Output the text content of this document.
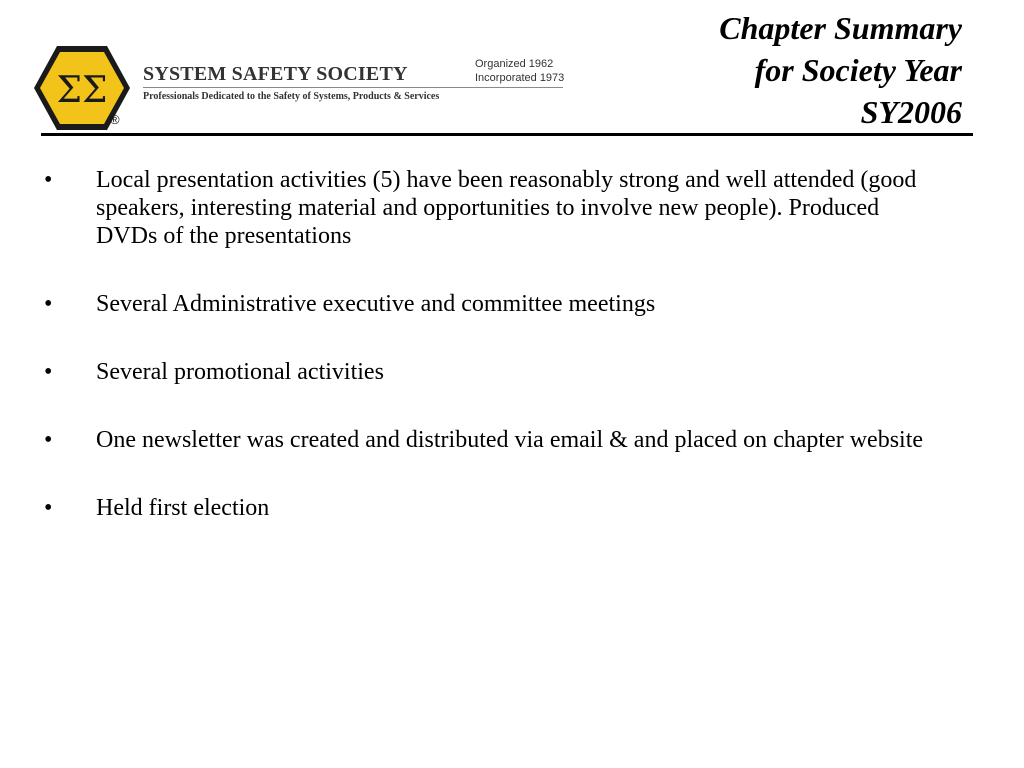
ΣΣ
®
SYSTEM SAFETY SOCIETY	Organized 1962
Incorporated 1973
Professionals Dedicated to the Safety of Systems, Products & Services
Chapter Summary
for Society Year
SY2006
• Local presentation activities (5) have been reasonably strong and well attended (good speakers, interesting material and opportunities to involve new people). Produced DVDs of the presentations
• Several Administrative executive and committee meetings
• Several promotional activities
• One newsletter was created and distributed via email & and placed on chapter website
• Held first election
